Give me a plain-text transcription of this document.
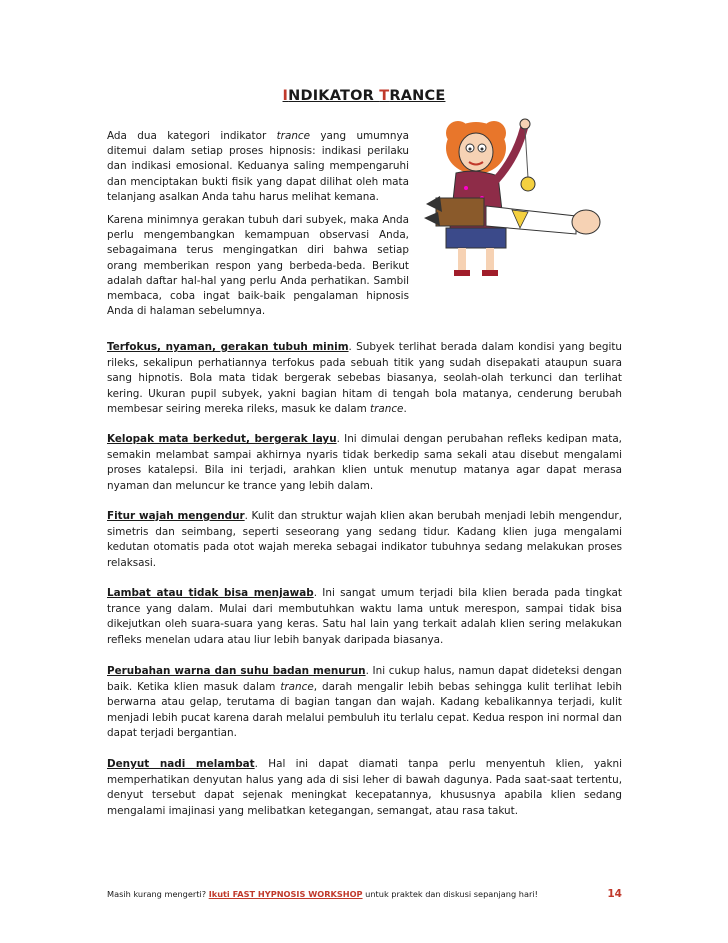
INDIKATOR TRANCE

Ada dua kategori indikator trance yang umumnya ditemui dalam setiap proses hipnosis: indikasi perilaku dan indikasi emosional. Keduanya saling mempengaruhi dan menciptakan bukti fisik yang dapat dilihat oleh mata telanjang asalkan Anda tahu harus melihat kemana.

Karena minimnya gerakan tubuh dari subyek, maka Anda perlu mengembangkan kemampuan observasi Anda, sebagaimana terus mengingatkan diri bahwa setiap orang memberikan respon yang berbeda-beda. Berikut adalah daftar hal-hal yang perlu Anda perhatikan. Sambil membaca, coba ingat baik-baik pengalaman hipnosis Anda di halaman sebelumnya.

Terfokus, nyaman, gerakan tubuh minim. Subyek terlihat berada dalam kondisi yang begitu rileks, sekalipun perhatiannya terfokus pada sebuah titik yang sudah disepakati ataupun suara sang hipnotis. Bola mata tidak bergerak sebebas biasanya, seolah-olah terkunci dan terlihat kering. Ukuran pupil subyek, yakni bagian hitam di tengah bola matanya, cenderung berubah membesar seiring mereka rileks, masuk ke dalam trance.
Kelopak mata berkedut, bergerak layu. Ini dimulai dengan perubahan refleks kedipan mata, semakin melambat sampai akhirnya nyaris tidak berkedip sama sekali atau disebut mengalami proses katalepsi. Bila ini terjadi, arahkan klien untuk menutup matanya agar dapat merasa nyaman dan meluncur ke trance yang lebih dalam.
Fitur wajah mengendur. Kulit dan struktur wajah klien akan berubah menjadi lebih mengendur, simetris dan seimbang, seperti seseorang yang sedang tidur. Kadang klien juga mengalami kedutan otomatis pada otot wajah mereka sebagai indikator tubuhnya sedang melakukan proses relaksasi.
Lambat atau tidak bisa menjawab. Ini sangat umum terjadi bila klien berada pada tingkat trance yang dalam. Mulai dari membutuhkan waktu lama untuk merespon, sampai tidak bisa dikejutkan oleh suara-suara yang keras. Satu hal lain yang terkait adalah klien sering melakukan refleks menelan udara atau liur lebih banyak daripada biasanya.
Perubahan warna dan suhu badan menurun. Ini cukup halus, namun dapat dideteksi dengan baik. Ketika klien masuk dalam trance, darah mengalir lebih bebas sehingga kulit terlihat lebih berwarna atau gelap, terutama di bagian tangan dan wajah. Kadang kebalikannya terjadi, kulit menjadi lebih pucat karena darah melalui pembuluh itu terlalu cepat. Kedua respon ini normal dan dapat terjadi bergantian.
Denyut nadi melambat. Hal ini dapat diamati tanpa perlu menyentuh klien, yakni memperhatikan denyutan halus yang ada di sisi leher di bawah dagunya. Pada saat-saat tertentu, denyut tersebut dapat sejenak meningkat kecepatannya, khususnya apabila klien sedang mengalami imajinasi yang melibatkan ketegangan, semangat, atau rasa takut.
Masih kurang mengerti? Ikuti FAST HYPNOSIS WORKSHOP untuk praktek dan diskusi sepanjang hari!	14
